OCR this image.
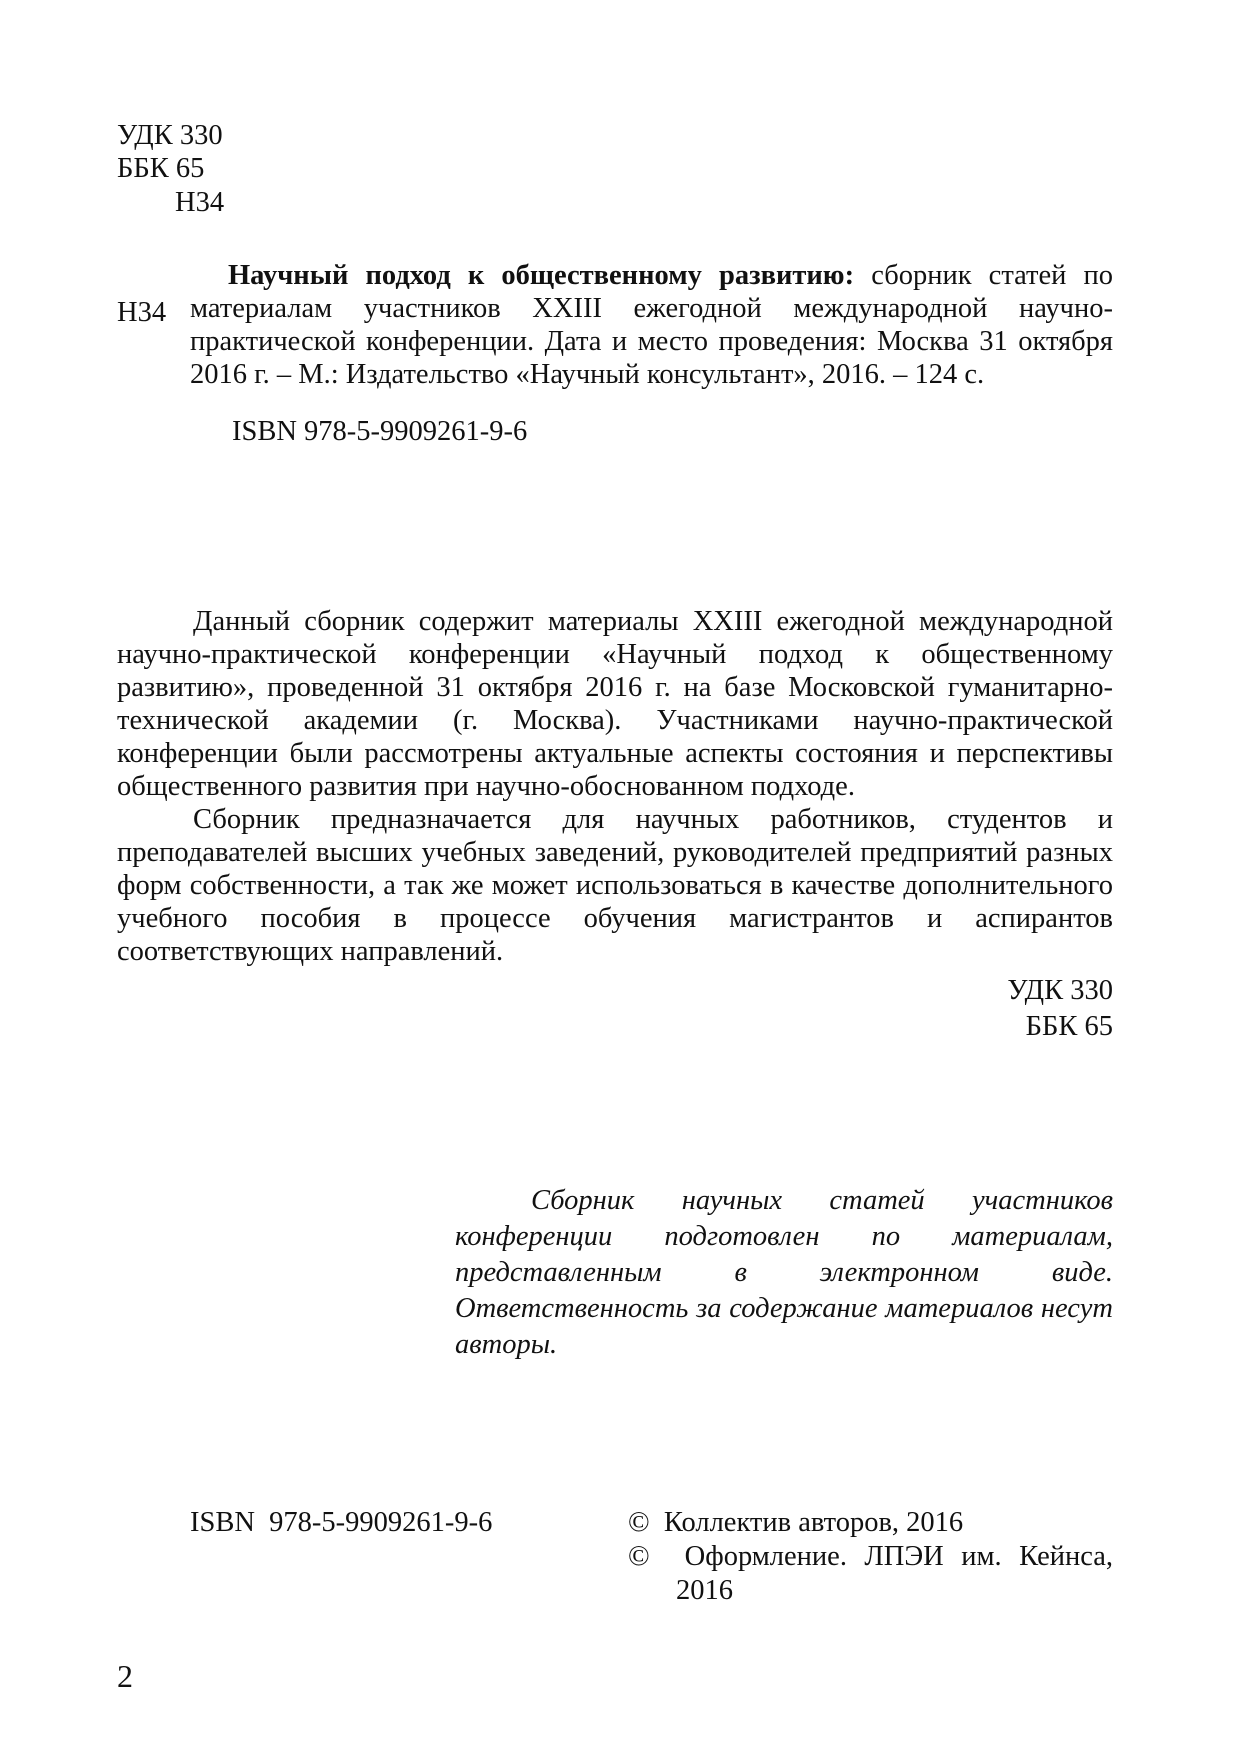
УДК 330
ББК 65
Н34
Н34

Научный подход к общественному развитию: сборник статей по материалам участников XXIII ежегодной международной научно-практической конференции. Дата и место проведения: Москва 31 октября 2016 г. – М.: Издательство «Научный консультант», 2016. – 124 с.

ISBN 978-5-9909261-9-6

Данный сборник содержит материалы XXIII ежегодной международной научно-практической конференции «Научный подход к общественному развитию», проведенной 31 октября 2016 г. на базе Московской гуманитарно-технической академии (г. Москва). Участниками научно-практической конференции были рассмотрены актуальные аспекты состояния и перспективы общественного развития при научно-обоснованном подходе.

Сборник предназначается для научных работников, студентов и преподавателей высших учебных заведений, руководителей предприятий разных форм собственности, а так же может использоваться в качестве дополнительного учебного пособия в процессе обучения магистрантов и аспирантов соответствующих направлений.

УДК 330
ББК 65

Сборник научных статей участников конференции подготовлен по материалам, представленным в электронном виде. Ответственность за содержание материалов несут авторы.

ISBN  978-5-9909261-9-6	©  Коллектив авторов, 2016
©  Оформление. ЛПЭИ им. Кейнса,
2016
2
